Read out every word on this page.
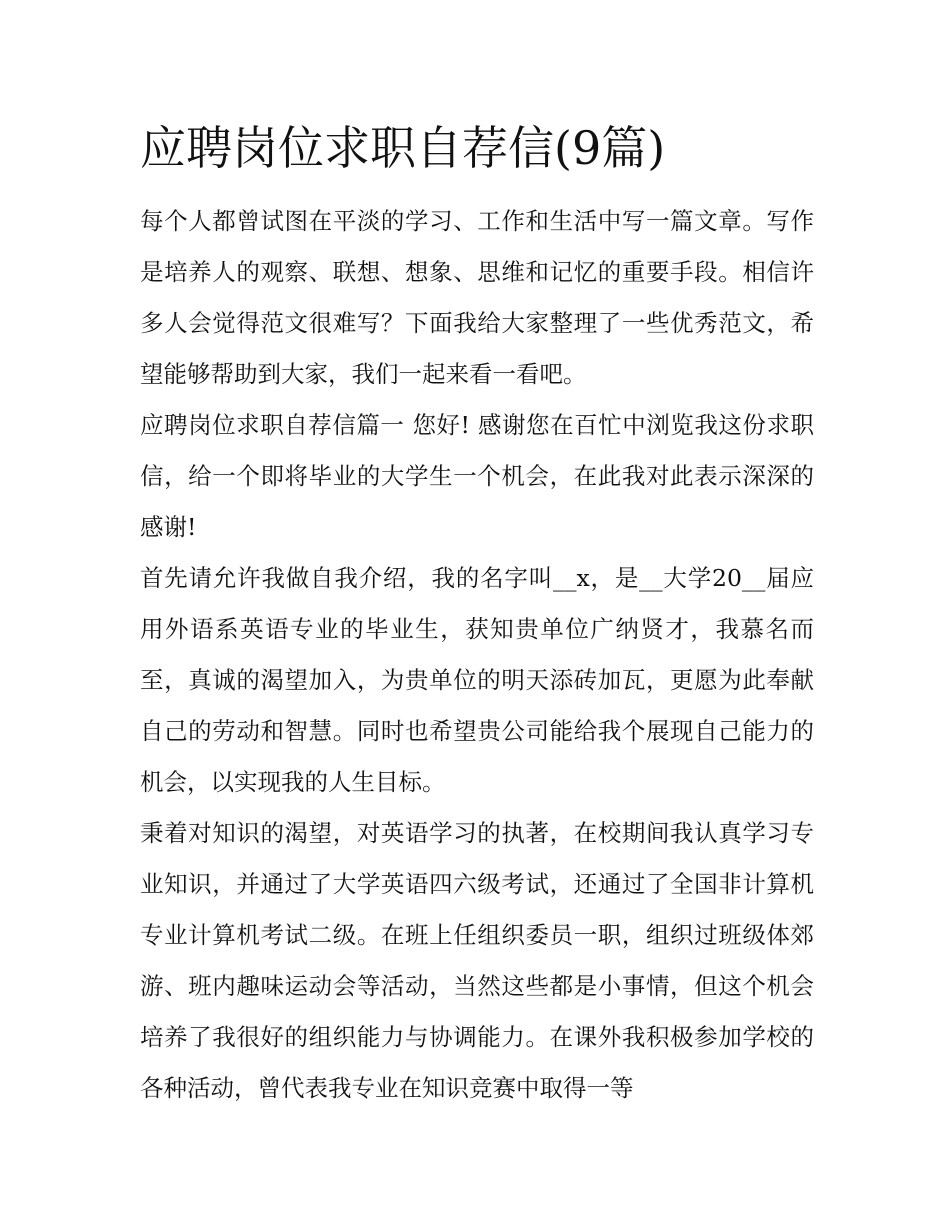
应聘岗位求职自荐信(9篇)

每个人都曾试图在平淡的学习、工作和生活中写一篇文章。写作是培养人的观察、联想、想象、思维和记忆的重要手段。相信许多人会觉得范文很难写？下面我给大家整理了一些优秀范文，希望能够帮助到大家，我们一起来看一看吧。

应聘岗位求职自荐信篇一 您好! 感谢您在百忙中浏览我这份求职信，给一个即将毕业的大学生一个机会，在此我对此表示深深的感谢!

首先请允许我做自我介绍，我的名字叫__x，是__大学20__届应用外语系英语专业的毕业生，获知贵单位广纳贤才，我慕名而至，真诚的渴望加入，为贵单位的明天添砖加瓦，更愿为此奉献自己的劳动和智慧。同时也希望贵公司能给我个展现自己能力的机会，以实现我的人生目标。

秉着对知识的渴望，对英语学习的执著，在校期间我认真学习专业知识，并通过了大学英语四六级考试，还通过了全国非计算机专业计算机考试二级。在班上任组织委员一职，组织过班级体郊游、班内趣味运动会等活动，当然这些都是小事情，但这个机会培养了我很好的组织能力与协调能力。在课外我积极参加学校的各种活动，曾代表我专业在知识竞赛中取得一等
